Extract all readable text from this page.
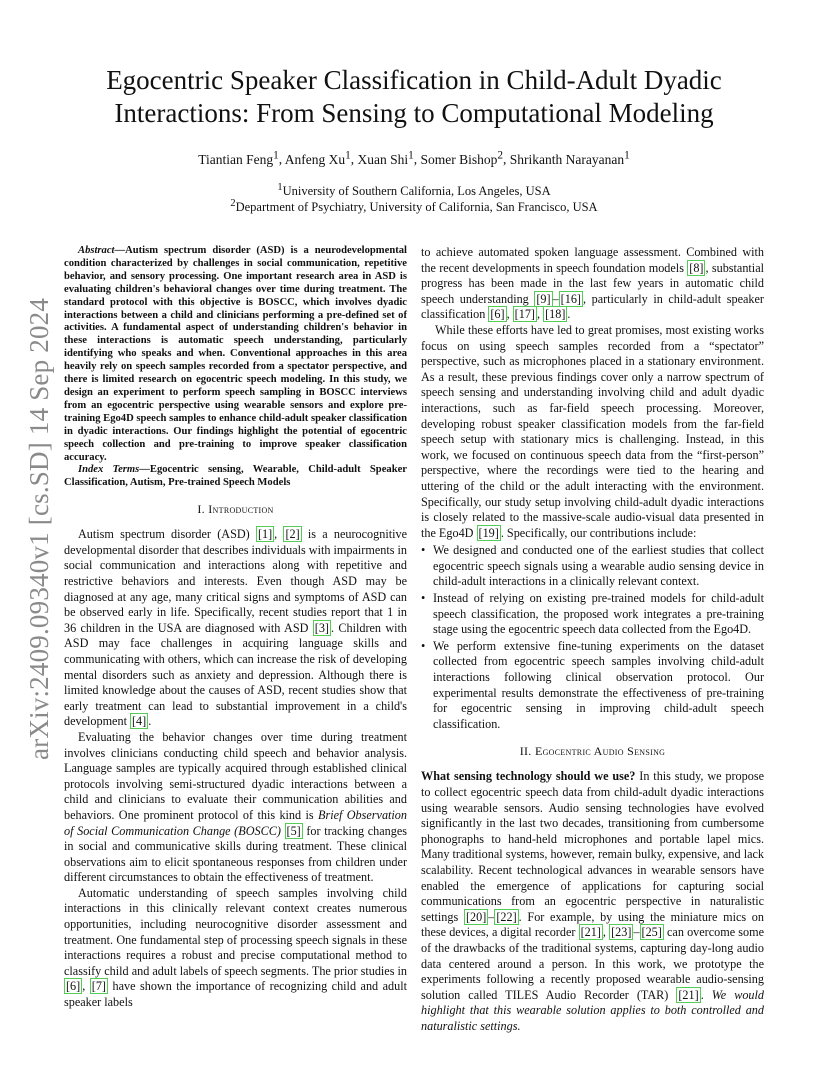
arXiv:2409.09340v1 [cs.SD] 14 Sep 2024
Egocentric Speaker Classification in Child-Adult Dyadic
Interactions: From Sensing to Computational Modeling
Tiantian Feng$^1$, Anfeng Xu$^1$, Xuan Shi$^1$, Somer Bishop$^2$, Shrikanth Narayanan$^1$
$^1$University of Southern California, Los Angeles, USA
$^2$Department of Psychiatry, University of California, San Francisco, USA

Abstract—Autism spectrum disorder (ASD) is a neurodevelopmental condition characterized by challenges in social communication, repetitive behavior, and sensory processing. One important research area in ASD is evaluating children's behavioral changes over time during treatment. The standard protocol with this objective is BOSCC, which involves dyadic interactions between a child and clinicians performing a pre-defined set of activities. A fundamental aspect of understanding children's behavior in these interactions is automatic speech understanding, particularly identifying who speaks and when. Conventional approaches in this area heavily rely on speech samples recorded from a spectator perspective, and there is limited research on egocentric speech modeling. In this study, we design an experiment to perform speech sampling in BOSCC interviews from an egocentric perspective using wearable sensors and explore pre-training Ego4D speech samples to enhance child-adult speaker classification in dyadic interactions. Our findings highlight the potential of egocentric speech collection and pre-training to improve speaker classification accuracy.

Index Terms—Egocentric sensing, Wearable, Child-adult Speaker Classification, Autism, Pre-trained Speech Models

I. Introduction

Autism spectrum disorder (ASD) [1] , [2] is a neurocognitive developmental disorder that describes individuals with impairments in social communication and interactions along with repetitive and restrictive behaviors and interests. Even though ASD may be diagnosed at any age, many critical signs and symptoms of ASD can be observed early in life. Specifically, recent studies report that 1 in 36 children in the USA are diagnosed with ASD [3] . Children with ASD may face challenges in acquiring language skills and communicating with others, which can increase the risk of developing mental disorders such as anxiety and depression. Although there is limited knowledge about the causes of ASD, recent studies show that early treatment can lead to substantial improvement in a child's development [4] .

Evaluating the behavior changes over time during treatment involves clinicians conducting child speech and behavior analysis. Language samples are typically acquired through established clinical protocols involving semi-structured dyadic interactions between a child and clinicians to evaluate their communication abilities and behaviors. One prominent protocol of this kind is Brief Observation of Social Communication Change (BOSCC) [5] for tracking changes in social and communicative skills during treatment. These clinical observations aim to elicit spontaneous responses from children under different circumstances to obtain the effectiveness of treatment.

Automatic understanding of speech samples involving child interactions in this clinically relevant context creates numerous opportunities, including neurocognitive disorder assessment and treatment. One fundamental step of processing speech signals in these interactions requires a robust and precise computational method to classify child and adult labels of speech segments. The prior studies in [6] , [7] have shown the importance of recognizing child and adult speaker labels

to achieve automated spoken language assessment. Combined with the recent developments in speech foundation models [8] , substantial progress has been made in the last few years in automatic child speech understanding [9] – [16] , particularly in child-adult speaker classification [6] , [17] , [18] .

While these efforts have led to great promises, most existing works focus on using speech samples recorded from a “spectator” perspective, such as microphones placed in a stationary environment. As a result, these previous findings cover only a narrow spectrum of speech sensing and understanding involving child and adult dyadic interactions, such as far-field speech processing. Moreover, developing robust speaker classification models from the far-field speech setup with stationary mics is challenging. Instead, in this work, we focused on continuous speech data from the “first-person” perspective, where the recordings were tied to the hearing and uttering of the child or the adult interacting with the environment. Specifically, our study setup involving child-adult dyadic interactions is closely related to the massive-scale audio-visual data presented in the Ego4D [19] . Specifically, our contributions include:

• We designed and conducted one of the earliest studies that collect egocentric speech signals using a wearable audio sensing device in child-adult interactions in a clinically relevant context.
• Instead of relying on existing pre-trained models for child-adult speech classification, the proposed work integrates a pre-training stage using the egocentric speech data collected from the Ego4D.
• We perform extensive fine-tuning experiments on the dataset collected from egocentric speech samples involving child-adult interactions following clinical observation protocol. Our experimental results demonstrate the effectiveness of pre-training for egocentric sensing in improving child-adult speech classification.
II. Egocentric Audio Sensing

What sensing technology should we use? In this study, we propose to collect egocentric speech data from child-adult dyadic interactions using wearable sensors. Audio sensing technologies have evolved significantly in the last two decades, transitioning from cumbersome phonographs to hand-held microphones and portable lapel mics. Many traditional systems, however, remain bulky, expensive, and lack scalability. Recent technological advances in wearable sensors have enabled the emergence of applications for capturing social communications from an egocentric perspective in naturalistic settings [20] – [22] . For example, by using the miniature mics on these devices, a digital recorder [21] , [23] – [25] can overcome some of the drawbacks of the traditional systems, capturing day-long audio data centered around a person. In this work, we prototype the experiments following a recently proposed wearable audio-sensing solution called TILES Audio Recorder (TAR) [21] . We would highlight that this wearable solution applies to both controlled and naturalistic settings.
